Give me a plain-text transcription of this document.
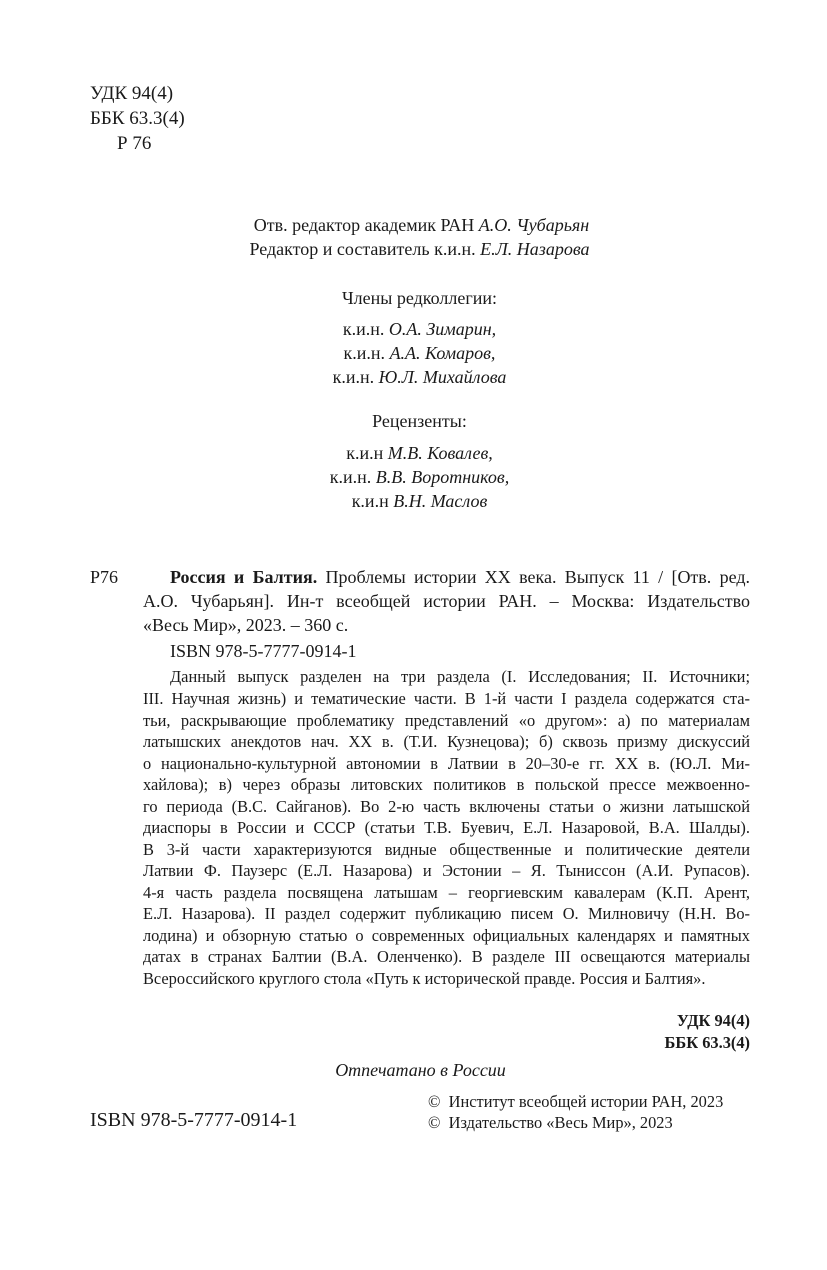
УДК 94(4)
ББК 63.3(4)
Р 76
Отв. редактор академик РАН А.О. Чубарьян
Редактор и составитель к.и.н. Е.Л. Назарова
Члены редколлегии:
к.и.н. О.А. Зимарин,
к.и.н. А.А. Комаров,
к.и.н. Ю.Л. Михайлова
Рецензенты:
к.и.н М.В. Ковалев,
к.и.н. В.В. Воротников,
к.и.н В.Н. Маслов
Р76	Россия и Балтия. Проблемы истории XX века. Выпуск 11 / [Отв. ред.
А.О. Чубарьян]. Ин-т всеобщей истории РАН. – Москва: Издательство
«Весь Мир», 2023. – 360 с.
ISBN 978-5-7777-0914-1
Данный выпуск разделен на три раздела (I. Исследования; II. Источники;
III. Научная жизнь) и тематические части. В 1-й части I раздела содержатся ста-
тьи, раскрывающие проблематику представлений «о другом»: а) по материалам
латышских анекдотов нач. XX в. (Т.И. Кузнецова); б) сквозь призму дискуссий
о национально-культурной автономии в Латвии в 20–30-е гг. XX в. (Ю.Л. Ми-
хайлова); в) через образы литовских политиков в польской прессе межвоенно-
го периода (В.С. Сайганов). Во 2-ю часть включены статьи о жизни латышской
диаспоры в России и СССР (статьи Т.В. Буевич, Е.Л. Назаровой, В.А. Шалды).
В 3-й части характеризуются видные общественные и политические деятели
Латвии Ф. Паузерс (Е.Л. Назарова) и Эстонии – Я. Тыниссон (А.И. Рупасов).
4-я часть раздела посвящена латышам – георгиевским кавалерам (К.П. Арент,
Е.Л. Назарова). II раздел содержит публикацию писем О. Милновичу (Н.Н. Во-
лодина) и обзорную статью о современных официальных календарях и памятных
датах в странах Балтии (В.А. Оленченко). В разделе III освещаются материалы
Всероссийского круглого стола «Путь к исторической правде. Россия и Балтия».
УДК 94(4)
ББК 63.3(4)
Отпечатано в России
ISBN 978-5-7777-0914-1
© Институт всеобщей истории РАН, 2023
© Издательство «Весь Мир», 2023
